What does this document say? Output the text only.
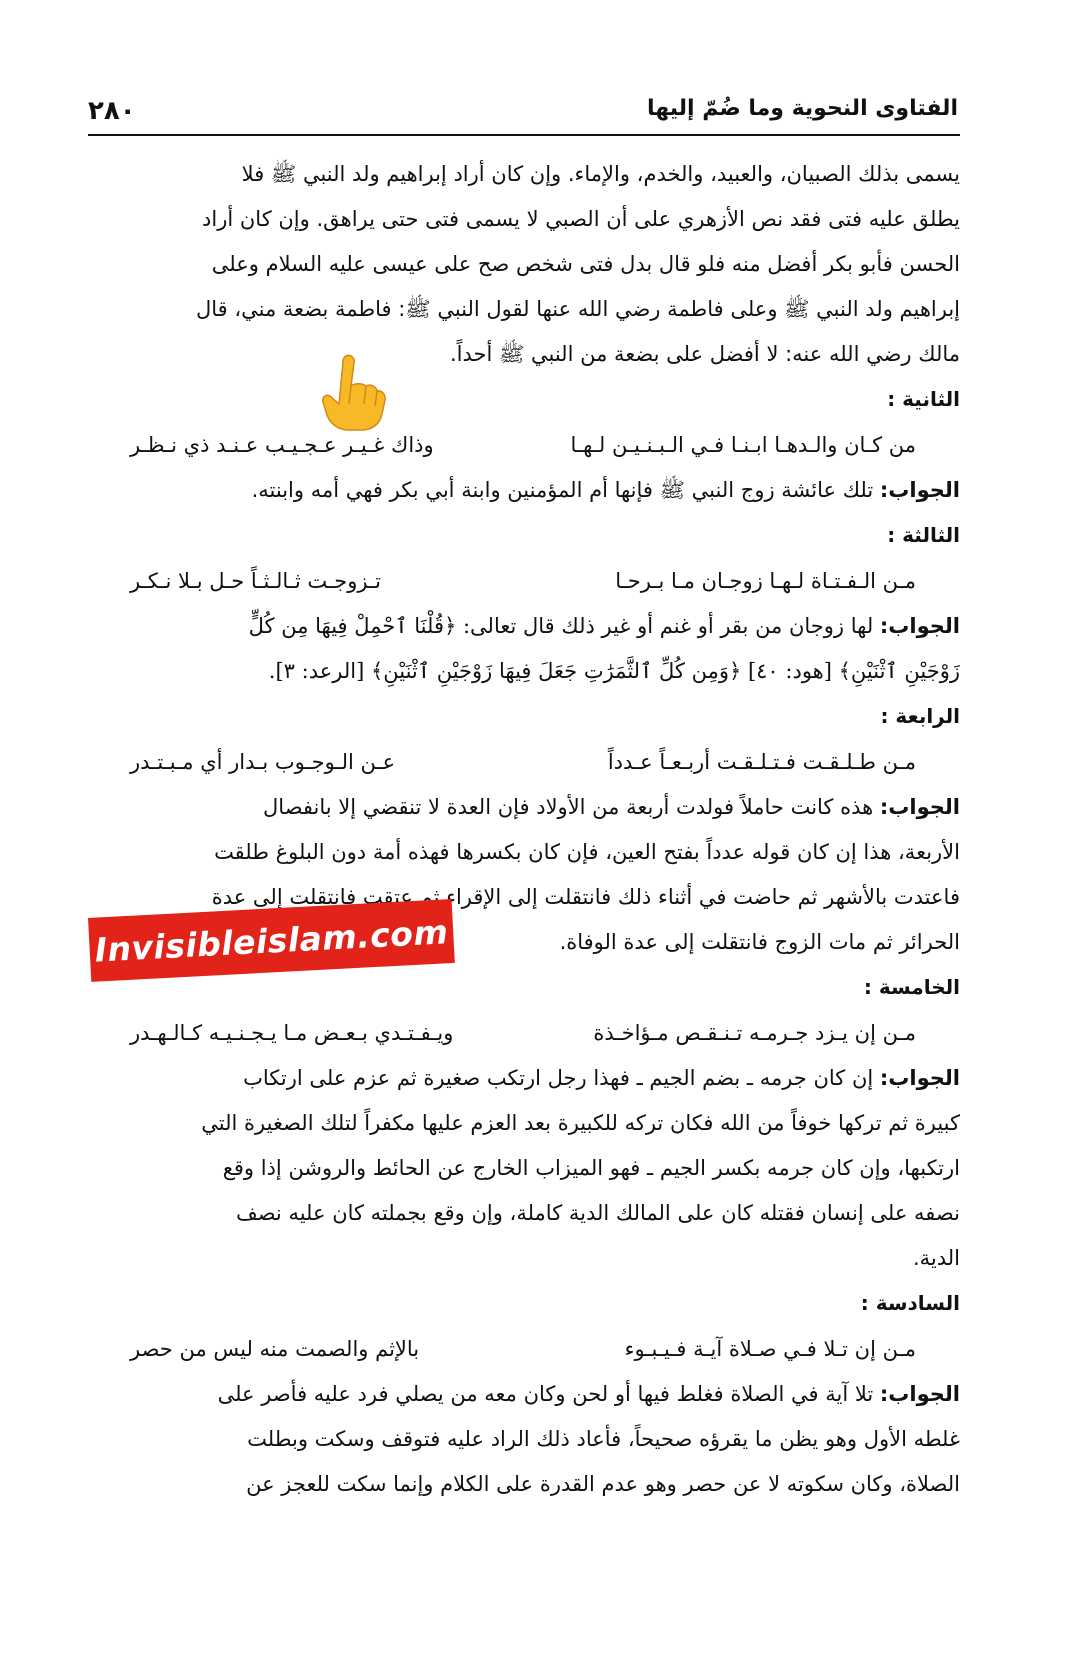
٢٨٠	الفتاوى النحوية وما ضُمّ إليها

يسمى بذلك الصبيان، والعبيد، والخدم، والإماء. وإن كان أراد إبراهيم ولد النبي ﷺ فلا

يطلق عليه فتى فقد نص الأزهري على أن الصبي لا يسمى فتى حتى يراهق. وإن كان أراد

الحسن فأبو بكر أفضل منه فلو قال بدل فتى شخص صح على عيسى عليه السلام وعلى

إبراهيم ولد النبي ﷺ وعلى فاطمة رضي الله عنها لقول النبي ﷺ: فاطمة بضعة مني، قال

مالك رضي الله عنه: لا أفضل على بضعة من النبي ﷺ أحداً.

الثانية :

من كـان والـدهـا ابـنـا فـي الـبـنـيـن لـهـا
وذاك غـيـر عـجـيـب عـنـد ذي نـظـر

الجواب: تلك عائشة زوج النبي ﷺ فإنها أم المؤمنين وابنة أبي بكر فهي أمه وابنته.

الثالثة :

مـن الـفـتـاة لـهـا زوجـان مـا بـرحـا
تـزوجـت ثـالـثـاً حـل بـلا نـكـر

الجواب: لها زوجان من بقر أو غنم أو غير ذلك قال تعالى: ﴿قُلْنَا ٱحْمِلْ فِيهَا مِن كُلٍّ

زَوْجَيْنِ ٱثْنَيْنِ﴾ [هود: ٤٠] ﴿وَمِن كُلِّ ٱلثَّمَرَٰتِ جَعَلَ فِيهَا زَوْجَيْنِ ٱثْنَيْنِ﴾ [الرعد: ٣].

الرابعة :

مـن طـلـقـت فـتـلـقـت أربـعـاً عـدداً
عـن الـوجـوب بـدار أي مـبـتـدر

الجواب: هذه كانت حاملاً فولدت أربعة من الأولاد فإن العدة لا تنقضي إلا بانفصال

الأربعة، هذا إن كان قوله عدداً بفتح العين، فإن كان بكسرها فهذه أمة دون البلوغ طلقت

فاعتدت بالأشهر ثم حاضت في أثناء ذلك فانتقلت إلى الإقراء ثم عتقت فانتقلت إلى عدة

الحرائر ثم مات الزوج فانتقلت إلى عدة الوفاة.

الخامسة :

مـن إن يـزد جـرمـه تـنـقـص مـؤاخـذة
ويـفـتـدي بـعـض مـا يـجـنـيـه كـالـهـدر

الجواب: إن كان جرمه ـ بضم الجيم ـ فهذا رجل ارتكب صغيرة ثم عزم على ارتكاب

كبيرة ثم تركها خوفاً من الله فكان تركه للكبيرة بعد العزم عليها مكفراً لتلك الصغيرة التي

ارتكبها، وإن كان جرمه بكسر الجيم ـ فهو الميزاب الخارج عن الحائط والروشن إذا وقع

نصفه على إنسان فقتله كان على المالك الدية كاملة، وإن وقع بجملته كان عليه نصف

الدية.

السادسة :

مـن إن تـلا فـي صـلاة آيـة فـيـبـوء
بالإثم والصمت منه ليس من حصر

الجواب: تلا آية في الصلاة فغلط فيها أو لحن وكان معه من يصلي فرد عليه فأصر على

غلطه الأول وهو يظن ما يقرؤه صحيحاً، فأعاد ذلك الراد عليه فتوقف وسكت وبطلت

الصلاة، وكان سكوته لا عن حصر وهو عدم القدرة على الكلام وإنما سكت للعجز عن

Invisibleislam.com
